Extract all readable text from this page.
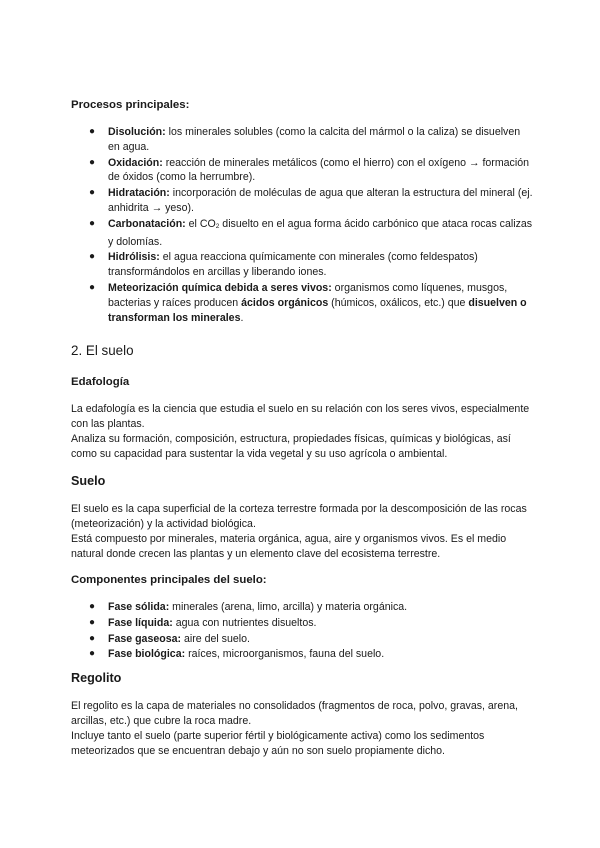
Procesos principales:
● Disolución: los minerales solubles (como la calcita del mármol o la caliza) se disuelven en agua.
● Oxidación: reacción de minerales metálicos (como el hierro) con el oxígeno → formación de óxidos (como la herrumbre).
● Hidratación: incorporación de moléculas de agua que alteran la estructura del mineral (ej. anhidrita → yeso).
● Carbonatación: el $CO_2$ disuelto en el agua forma ácido carbónico que ataca rocas calizas y dolomías.
● Hidrólisis: el agua reacciona químicamente con minerales (como feldespatos) transformándolos en arcillas y liberando iones.
● Meteorización química debida a seres vivos: organismos como líquenes, musgos, bacterias y raíces producen ácidos orgánicos (húmicos, oxálicos, etc.) que disuelven o transforman los minerales.
2. El suelo
Edafología

La edafología es la ciencia que estudia el suelo en su relación con los seres vivos, especialmente con las plantas.

Analiza su formación, composición, estructura, propiedades físicas, químicas y biológicas, así como su capacidad para sustentar la vida vegetal y su uso agrícola o ambiental.

Suelo

El suelo es la capa superficial de la corteza terrestre formada por la descomposición de las rocas (meteorización) y la actividad biológica.

Está compuesto por minerales, materia orgánica, agua, aire y organismos vivos. Es el medio natural donde crecen las plantas y un elemento clave del ecosistema terrestre.

Componentes principales del suelo:
● Fase sólida: minerales (arena, limo, arcilla) y materia orgánica.
● Fase líquida: agua con nutrientes disueltos.
● Fase gaseosa: aire del suelo.
● Fase biológica: raíces, microorganismos, fauna del suelo.
Regolito

El regolito es la capa de materiales no consolidados (fragmentos de roca, polvo, gravas, arena, arcillas, etc.) que cubre la roca madre.

Incluye tanto el suelo (parte superior fértil y biológicamente activa) como los sedimentos meteorizados que se encuentran debajo y aún no son suelo propiamente dicho.
